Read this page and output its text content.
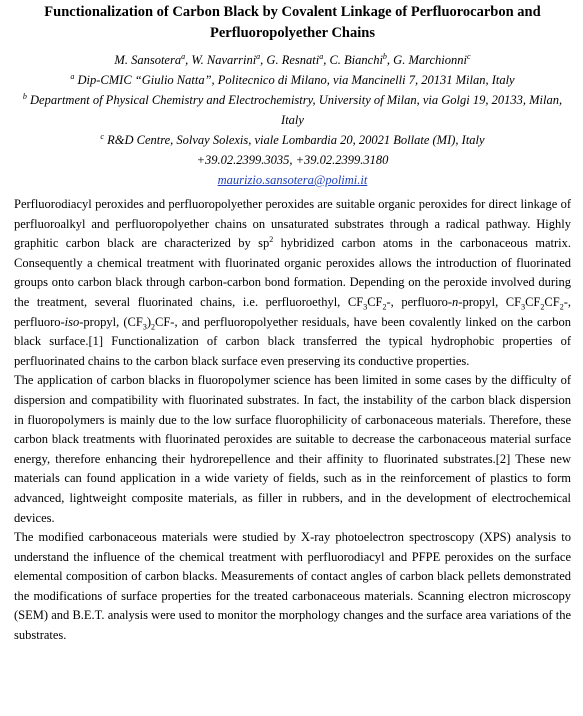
Functionalization of Carbon Black by Covalent Linkage of Perfluorocarbon and Perfluoropolyether Chains
M. Sansotera$^a$, W. Navarrini$^a$, G. Resnati$^a$, C. Bianchi$^b$, G. Marchionni$^c$
$^a$ Dip-CMIC “Giulio Natta”, Politecnico di Milano, via Mancinelli 7, 20131 Milan, Italy
$^b$ Department of Physical Chemistry and Electrochemistry, University of Milan, via Golgi 19, 20133, Milan, Italy
$^c$ R&D Centre, Solvay Solexis, viale Lombardia 20, 20021 Bollate (MI), Italy
+39.02.2399.3035, +39.02.2399.3180
maurizio.sansotera@polimi.it

Perfluorodiacyl peroxides and perfluoropolyether peroxides are suitable organic peroxides for direct linkage of perfluoroalkyl and perfluoropolyether chains on unsaturated substrates through a radical pathway. Highly graphitic carbon black are characterized by $sp^2$ hybridized carbon atoms in the carbonaceous matrix. Consequently a chemical treatment with fluorinated organic peroxides allows the introduction of fluorinated groups onto carbon black through carbon-carbon bond formation. Depending on the peroxide involved during the treatment, several fluorinated chains, i.e. perfluoroethyl, $CF_3CF_2-$, perfluoro-n-propyl, $CF_3CF_2CF_2-$, perfluoro-iso-propyl, $(CF_3)_2CF-$, and perfluoropolyether residuals, have been covalently linked on the carbon black surface.[1] Functionalization of carbon black transferred the typical hydrophobic properties of perfluorinated chains to the carbon black surface even preserving its conductive properties.

The application of carbon blacks in fluoropolymer science has been limited in some cases by the difficulty of dispersion and compatibility with fluorinated substrates. In fact, the instability of the carbon black dispersion in fluoropolymers is mainly due to the low surface fluorophilicity of carbonaceous materials. Therefore, these carbon black treatments with fluorinated peroxides are suitable to decrease the carbonaceous material surface energy, therefore enhancing their hydrorepellence and their affinity to fluorinated substrates.[2] These new materials can found application in a wide variety of fields, such as in the reinforcement of plastics to form advanced, lightweight composite materials, as filler in rubbers, and in the development of electrochemical devices.

The modified carbonaceous materials were studied by X-ray photoelectron spectroscopy (XPS) analysis to understand the influence of the chemical treatment with perfluorodiacyl and PFPE peroxides on the surface elemental composition of carbon blacks. Measurements of contact angles of carbon black pellets demonstrated the modifications of surface properties for the treated carbonaceous materials. Scanning electron microscopy (SEM) and B.E.T. analysis were used to monitor the morphology changes and the surface area variations of the substrates.
